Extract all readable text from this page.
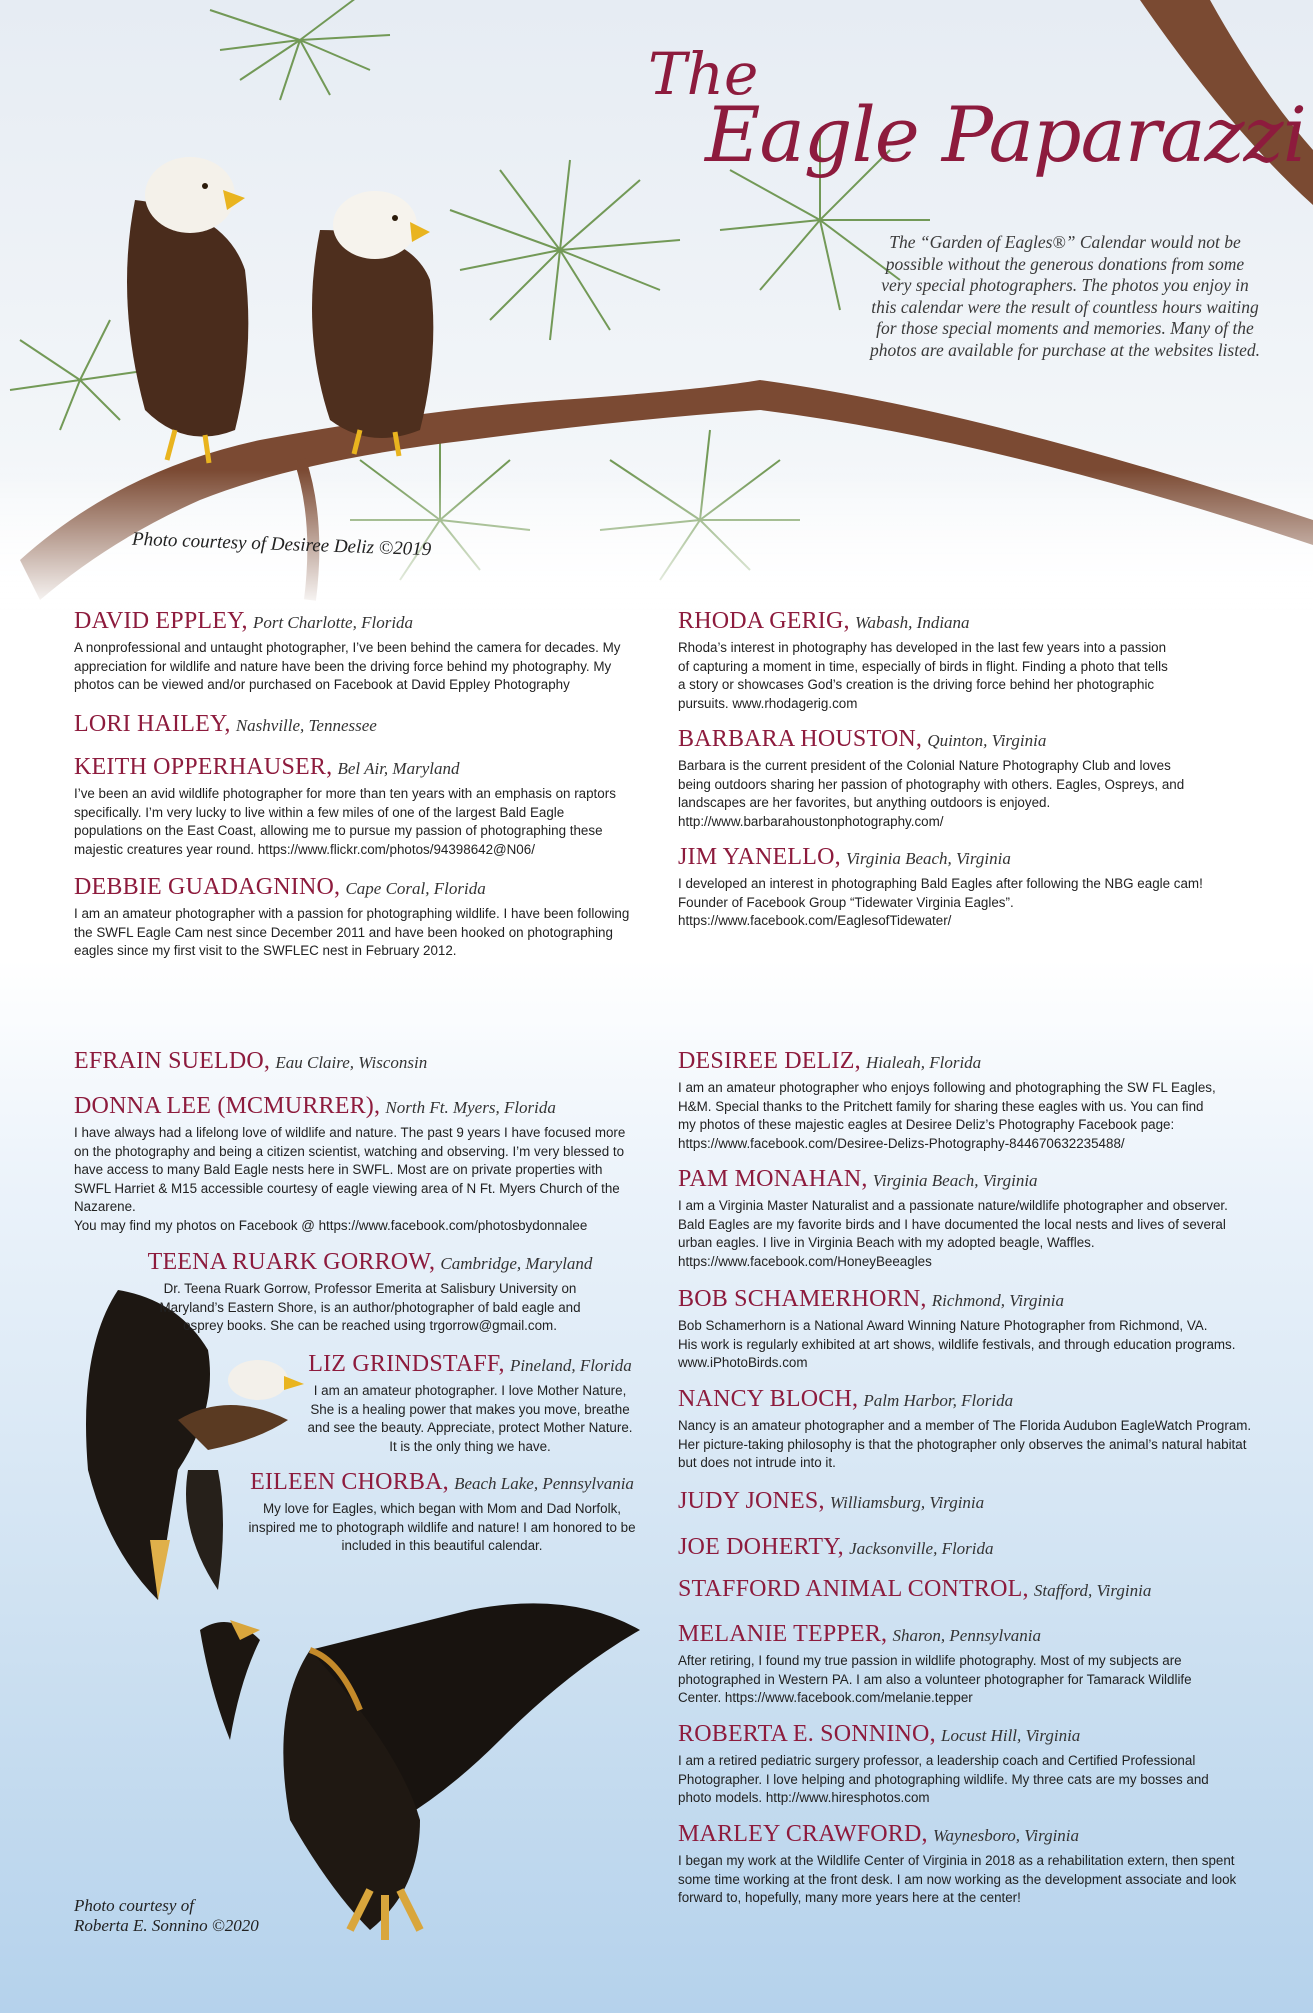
The
Eagle Paparazzi

The “Garden of Eagles®” Calendar would not be possible without the generous donations from some very special photographers. The photos you enjoy in this calendar were the result of countless hours waiting for those special moments and memories. Many of the photos are available for purchase at the websites listed.

Photo courtesy of Desiree Deliz ©2019
DAVID EPPLEY, Port Charlotte, Florida

A nonprofessional and untaught photographer, I’ve been behind the camera for decades. My
appreciation for wildlife and nature have been the driving force behind my photography. My
photos can be viewed and/or purchased on Facebook at David Eppley Photography

LORI HAILEY, Nashville, Tennessee
KEITH OPPERHAUSER, Bel Air, Maryland

I’ve been an avid wildlife photographer for more than ten years with an emphasis on raptors
specifically. I’m very lucky to live within a few miles of one of the largest Bald Eagle
populations on the East Coast, allowing me to pursue my passion of photographing these
majestic creatures year round. https://www.flickr.com/photos/94398642@N06/

DEBBIE GUADAGNINO, Cape Coral, Florida

I am an amateur photographer with a passion for photographing wildlife. I have been following
the SWFL Eagle Cam nest since December 2011 and have been hooked on photographing
eagles since my first visit to the SWFLEC nest in February 2012.

RHODA GERIG, Wabash, Indiana

Rhoda’s interest in photography has developed in the last few years into a passion
of capturing a moment in time, especially of birds in flight. Finding a photo that tells
a story or showcases God’s creation is the driving force behind her photographic
pursuits. www.rhodagerig.com

BARBARA HOUSTON, Quinton, Virginia

Barbara is the current president of the Colonial Nature Photography Club and loves
being outdoors sharing her passion of photography with others. Eagles, Ospreys, and
landscapes are her favorites, but anything outdoors is enjoyed.
http://www.barbarahoustonphotography.com/

JIM YANELLO, Virginia Beach, Virginia

I developed an interest in photographing Bald Eagles after following the NBG eagle cam!
Founder of Facebook Group “Tidewater Virginia Eagles”.
https://www.facebook.com/EaglesofTidewater/

EFRAIN SUELDO, Eau Claire, Wisconsin
DONNA LEE (MCMURRER), North Ft. Myers, Florida

I have always had a lifelong love of wildlife and nature. The past 9 years I have focused more
on the photography and being a citizen scientist, watching and observing. I’m very blessed to
have access to many Bald Eagle nests here in SWFL. Most are on private properties with
SWFL Harriet & M15 accessible courtesy of eagle viewing area of N Ft. Myers Church of the
Nazarene.
You may find my photos on Facebook @ https://www.facebook.com/photosbydonnalee

TEENA RUARK GORROW, Cambridge, Maryland

Dr. Teena Ruark Gorrow, Professor Emerita at Salisbury University on
Maryland’s Eastern Shore, is an author/photographer of bald eagle and
osprey books. She can be reached using trgorrow@gmail.com.

LIZ GRINDSTAFF, Pineland, Florida

I am an amateur photographer. I love Mother Nature,
She is a healing power that makes you move, breathe
and see the beauty. Appreciate, protect Mother Nature.
It is the only thing we have.

EILEEN CHORBA, Beach Lake, Pennsylvania

My love for Eagles, which began with Mom and Dad Norfolk,
inspired me to photograph wildlife and nature! I am honored to be
included in this beautiful calendar.

DESIREE DELIZ, Hialeah, Florida

I am an amateur photographer who enjoys following and photographing the SW FL Eagles,
H&M. Special thanks to the Pritchett family for sharing these eagles with us. You can find
my photos of these majestic eagles at Desiree Deliz’s Photography Facebook page:
https://www.facebook.com/Desiree-Delizs-Photography-844670632235488/

PAM MONAHAN, Virginia Beach, Virginia

I am a Virginia Master Naturalist and a passionate nature/wildlife photographer and observer.
Bald Eagles are my favorite birds and I have documented the local nests and lives of several
urban eagles. I live in Virginia Beach with my adopted beagle, Waffles.
https://www.facebook.com/HoneyBeeagles

BOB SCHAMERHORN, Richmond, Virginia

Bob Schamerhorn is a National Award Winning Nature Photographer from Richmond, VA.
His work is regularly exhibited at art shows, wildlife festivals, and through education programs.
www.iPhotoBirds.com

NANCY BLOCH, Palm Harbor, Florida

Nancy is an amateur photographer and a member of The Florida Audubon EagleWatch Program.
Her picture-taking philosophy is that the photographer only observes the animal’s natural habitat
but does not intrude into it.

JUDY JONES, Williamsburg, Virginia
JOE DOHERTY, Jacksonville, Florida
STAFFORD ANIMAL CONTROL, Stafford, Virginia
MELANIE TEPPER, Sharon, Pennsylvania

After retiring, I found my true passion in wildlife photography. Most of my subjects are
photographed in Western PA. I am also a volunteer photographer for Tamarack Wildlife
Center. https://www.facebook.com/melanie.tepper

ROBERTA E. SONNINO, Locust Hill, Virginia

I am a retired pediatric surgery professor, a leadership coach and Certified Professional
Photographer. I love helping and photographing wildlife. My three cats are my bosses and
photo models. http://www.hiresphotos.com

MARLEY CRAWFORD, Waynesboro, Virginia

I began my work at the Wildlife Center of Virginia in 2018 as a rehabilitation extern, then spent
some time working at the front desk. I am now working as the development associate and look
forward to, hopefully, many more years here at the center!

Photo courtesy of
Roberta E. Sonnino ©2020
